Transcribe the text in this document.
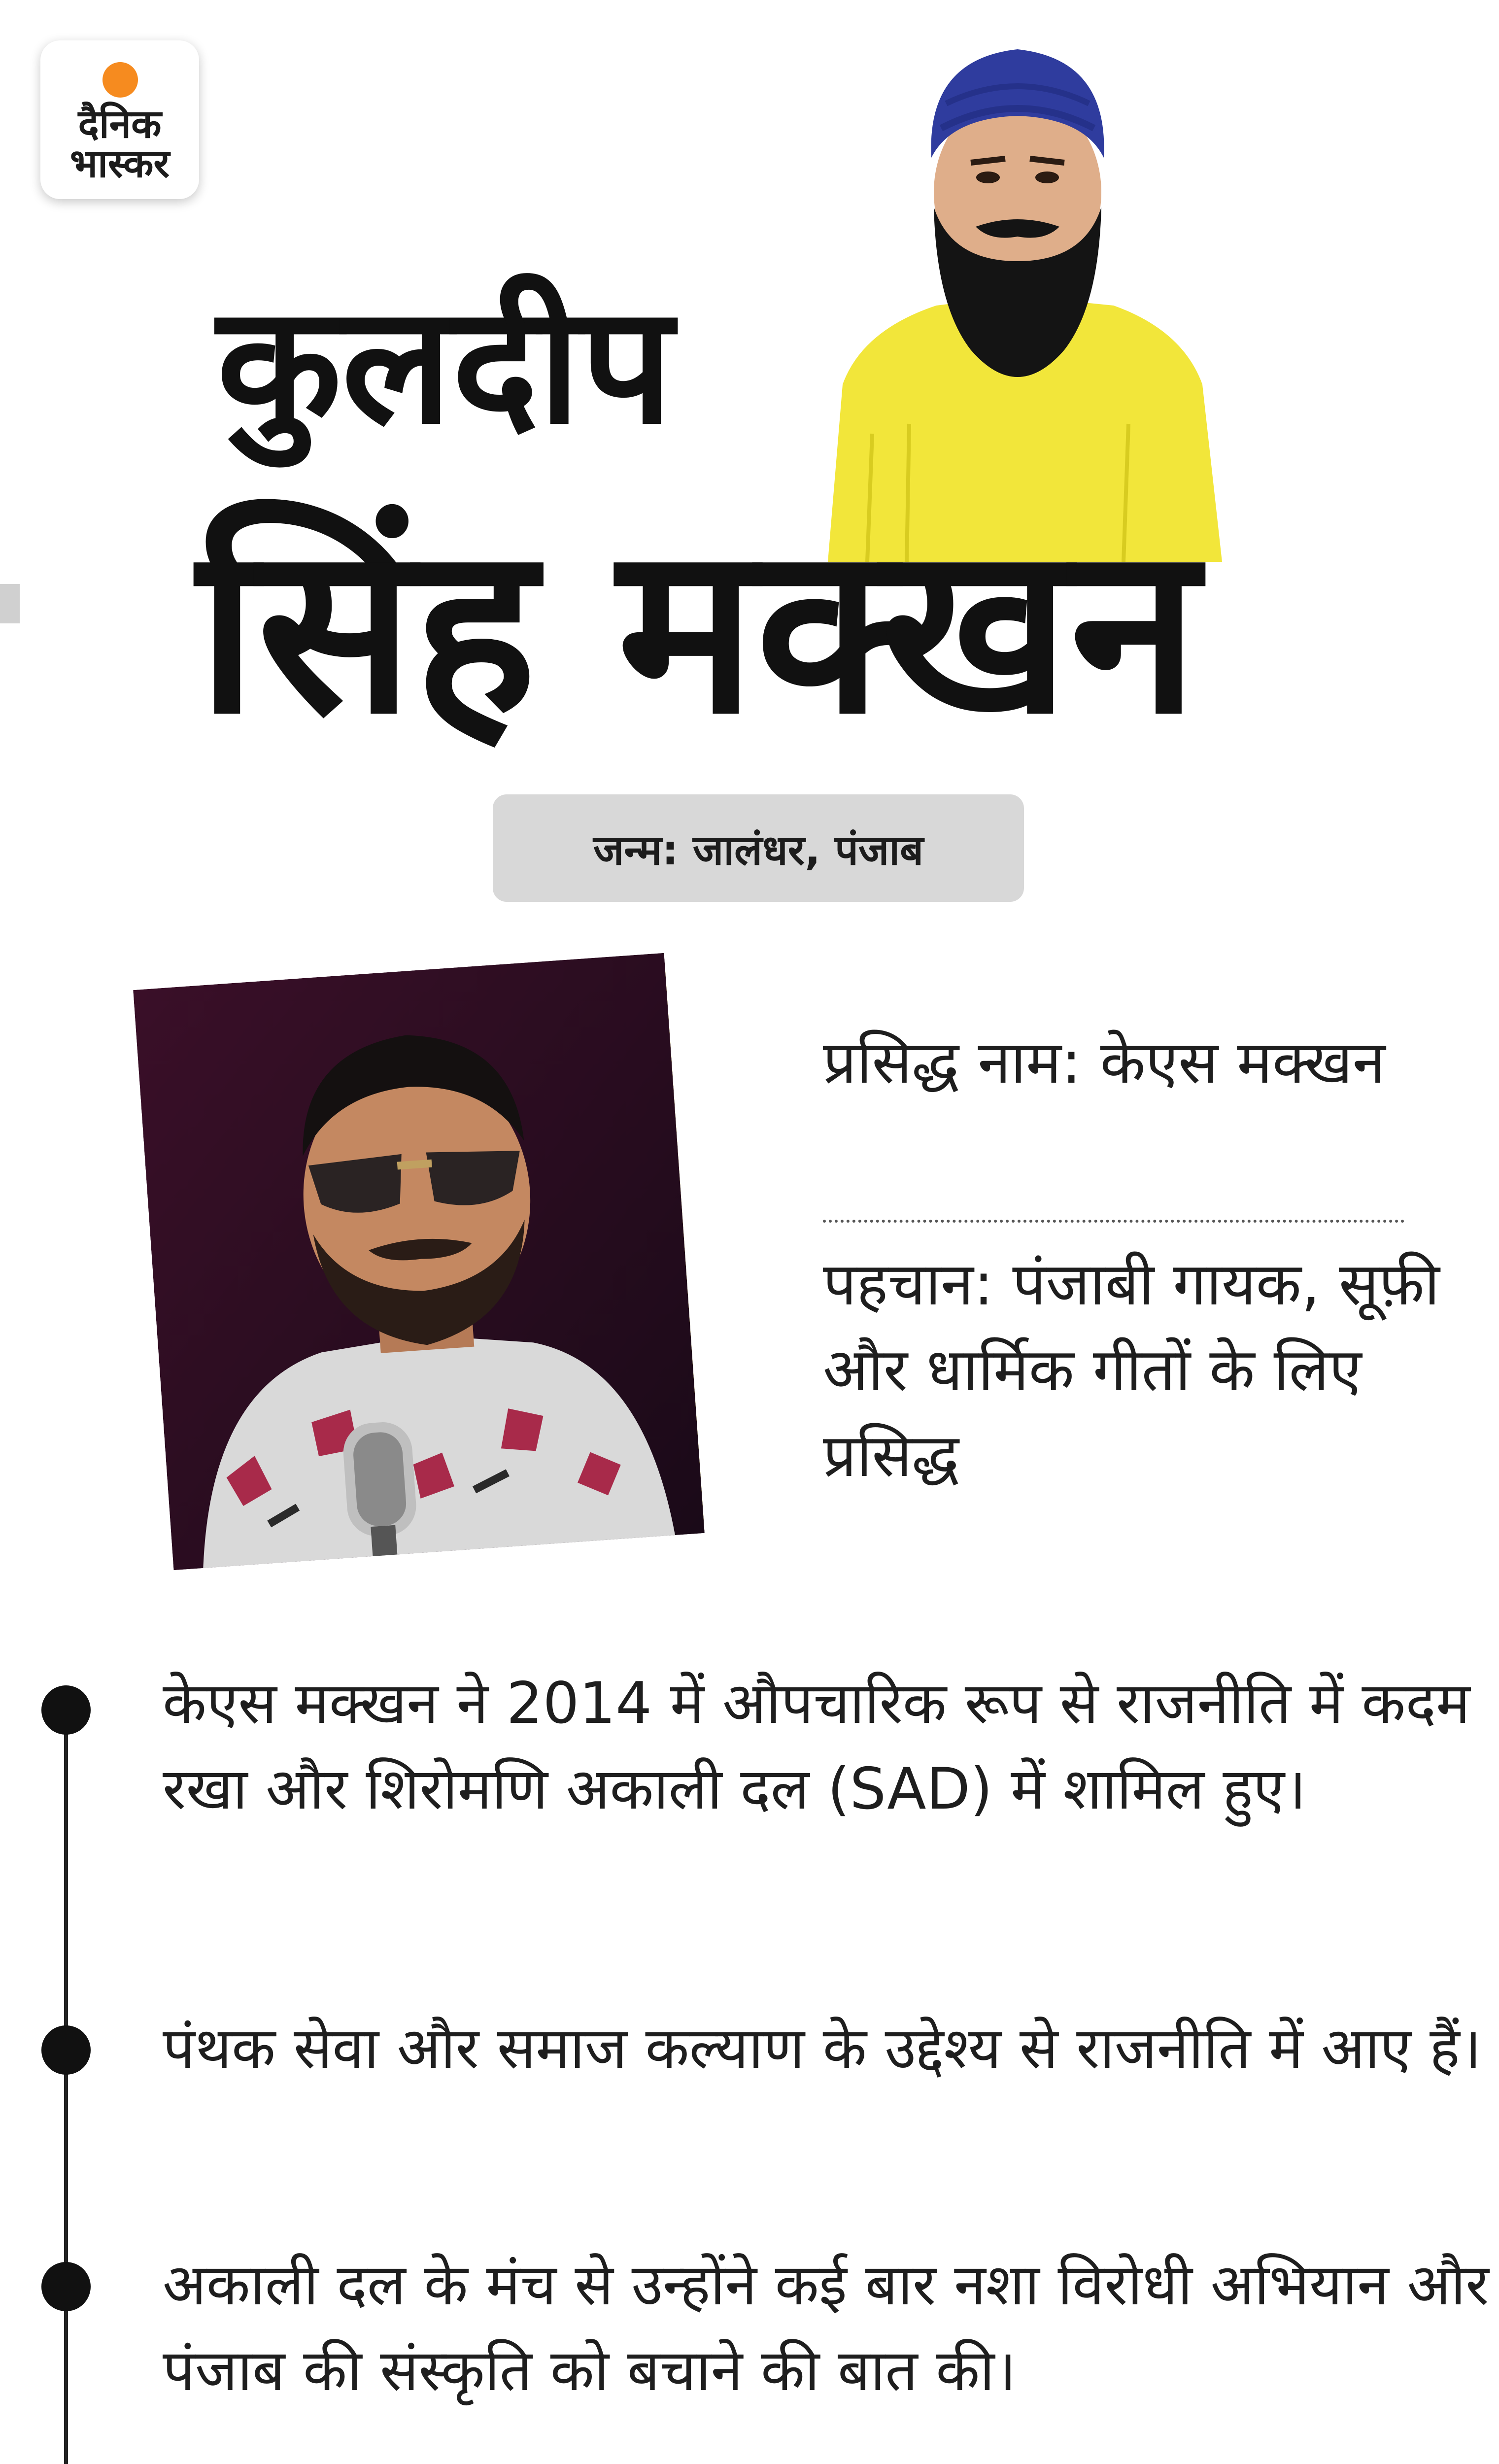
दैनिक
भास्कर
कुलदीप
सिंह मक्खन
जन्म: जालंधर, पंजाब
प्रसिद्ध नाम: केएस मक्खन
पहचान: पंजाबी गायक, सूफ़ी और धार्मिक गीतों के लिए प्रसिद्ध
केएस मक्खन ने 2014 में औपचारिक रूप से राजनीति में कदम रखा और शिरोमणि अकाली दल (SAD) में शामिल हुए।
पंथक सेवा और समाज कल्याण के उद्देश्य से राजनीति में आए हैं।
अकाली दल के मंच से उन्होंने कई बार नशा विरोधी अभियान और पंजाब की संस्कृति को बचाने की बात की।
